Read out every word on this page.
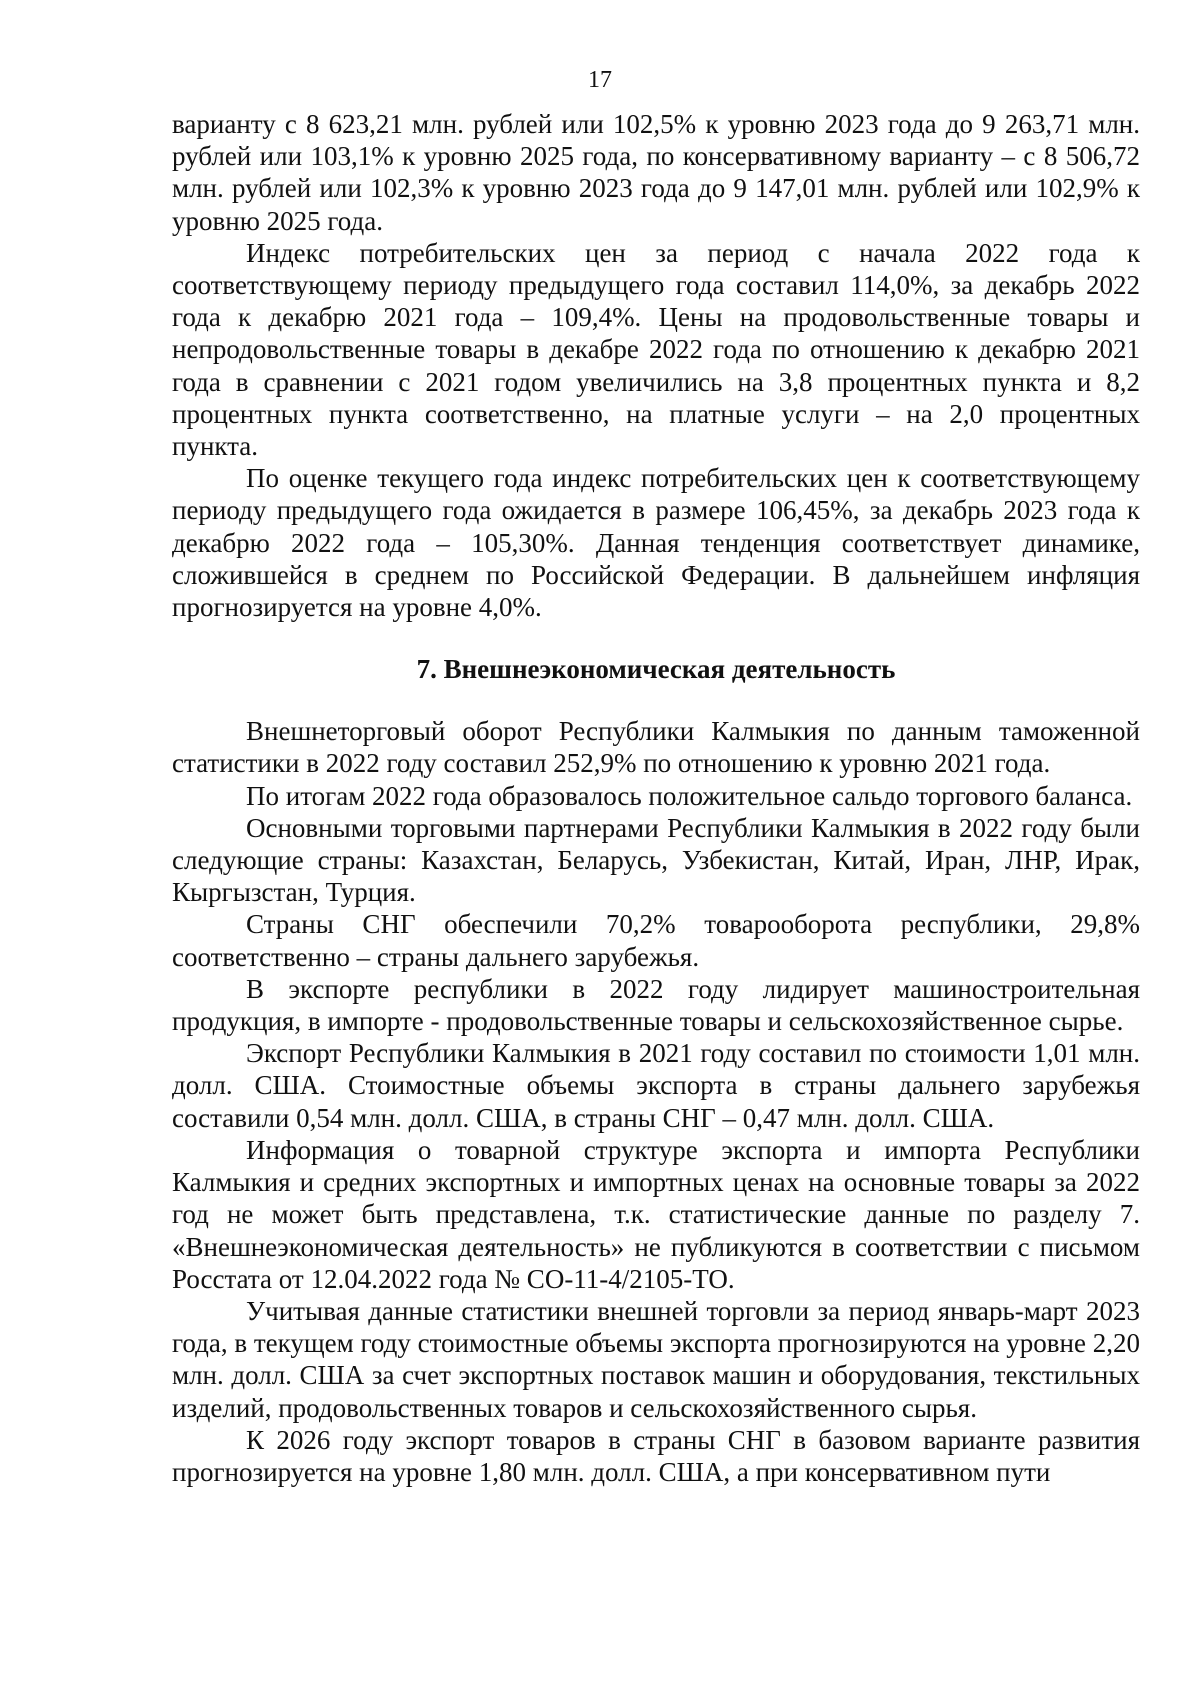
17

варианту с 8 623,21 млн. рублей или 102,5% к уровню 2023 года до 9 263,71 млн. рублей или 103,1% к уровню 2025 года, по консервативному варианту – с 8 506,72 млн. рублей или 102,3% к уровню 2023 года до 9 147,01 млн. рублей или 102,9% к уровню 2025 года.

Индекс потребительских цен за период с начала 2022 года к соответствующему периоду предыдущего года составил 114,0%, за декабрь 2022 года к декабрю 2021 года – 109,4%. Цены на продовольственные товары и непродовольственные товары в декабре 2022 года по отношению к декабрю 2021 года в сравнении с 2021 годом увеличились на 3,8 процентных пункта и 8,2 процентных пункта соответственно, на платные услуги – на 2,0 процентных пункта.

По оценке текущего года индекс потребительских цен к соответствующему периоду предыдущего года ожидается в размере 106,45%, за декабрь 2023 года к декабрю 2022 года – 105,30%. Данная тенденция соответствует динамике, сложившейся в среднем по Российской Федерации. В дальнейшем инфляция прогнозируется на уровне 4,0%.

7. Внешнеэкономическая деятельность

Внешнеторговый оборот Республики Калмыкия по данным таможенной статистики в 2022 году составил 252,9% по отношению к уровню 2021 года.

По итогам 2022 года образовалось положительное сальдо торгового баланса.

Основными торговыми партнерами Республики Калмыкия в 2022 году были следующие страны: Казахстан, Беларусь, Узбекистан, Китай, Иран, ЛНР, Ирак, Кыргызстан, Турция.

Страны СНГ обеспечили 70,2% товарооборота республики, 29,8% соответственно – страны дальнего зарубежья.

В экспорте республики в 2022 году лидирует машиностроительная продукция, в импорте - продовольственные товары и сельскохозяйственное сырье.

Экспорт Республики Калмыкия в 2021 году составил по стоимости 1,01 млн. долл. США. Стоимостные объемы экспорта в страны дальнего зарубежья составили 0,54 млн. долл. США, в страны СНГ – 0,47 млн. долл. США.

Информация о товарной структуре экспорта и импорта Республики Калмыкия и средних экспортных и импортных ценах на основные товары за 2022 год не может быть представлена, т.к. статистические данные по разделу 7. «Внешнеэкономическая деятельность» не публикуются в соответствии с письмом Росстата от 12.04.2022 года № СО-11-4/2105-ТО.

Учитывая данные статистики внешней торговли за период январь-март 2023 года, в текущем году стоимостные объемы экспорта прогнозируются на уровне 2,20 млн. долл. США за счет экспортных поставок машин и оборудования, текстильных изделий, продовольственных товаров и сельскохозяйственного сырья.

К 2026 году экспорт товаров в страны СНГ в базовом варианте развития прогнозируется на уровне 1,80 млн. долл. США, а при консервативном пути
